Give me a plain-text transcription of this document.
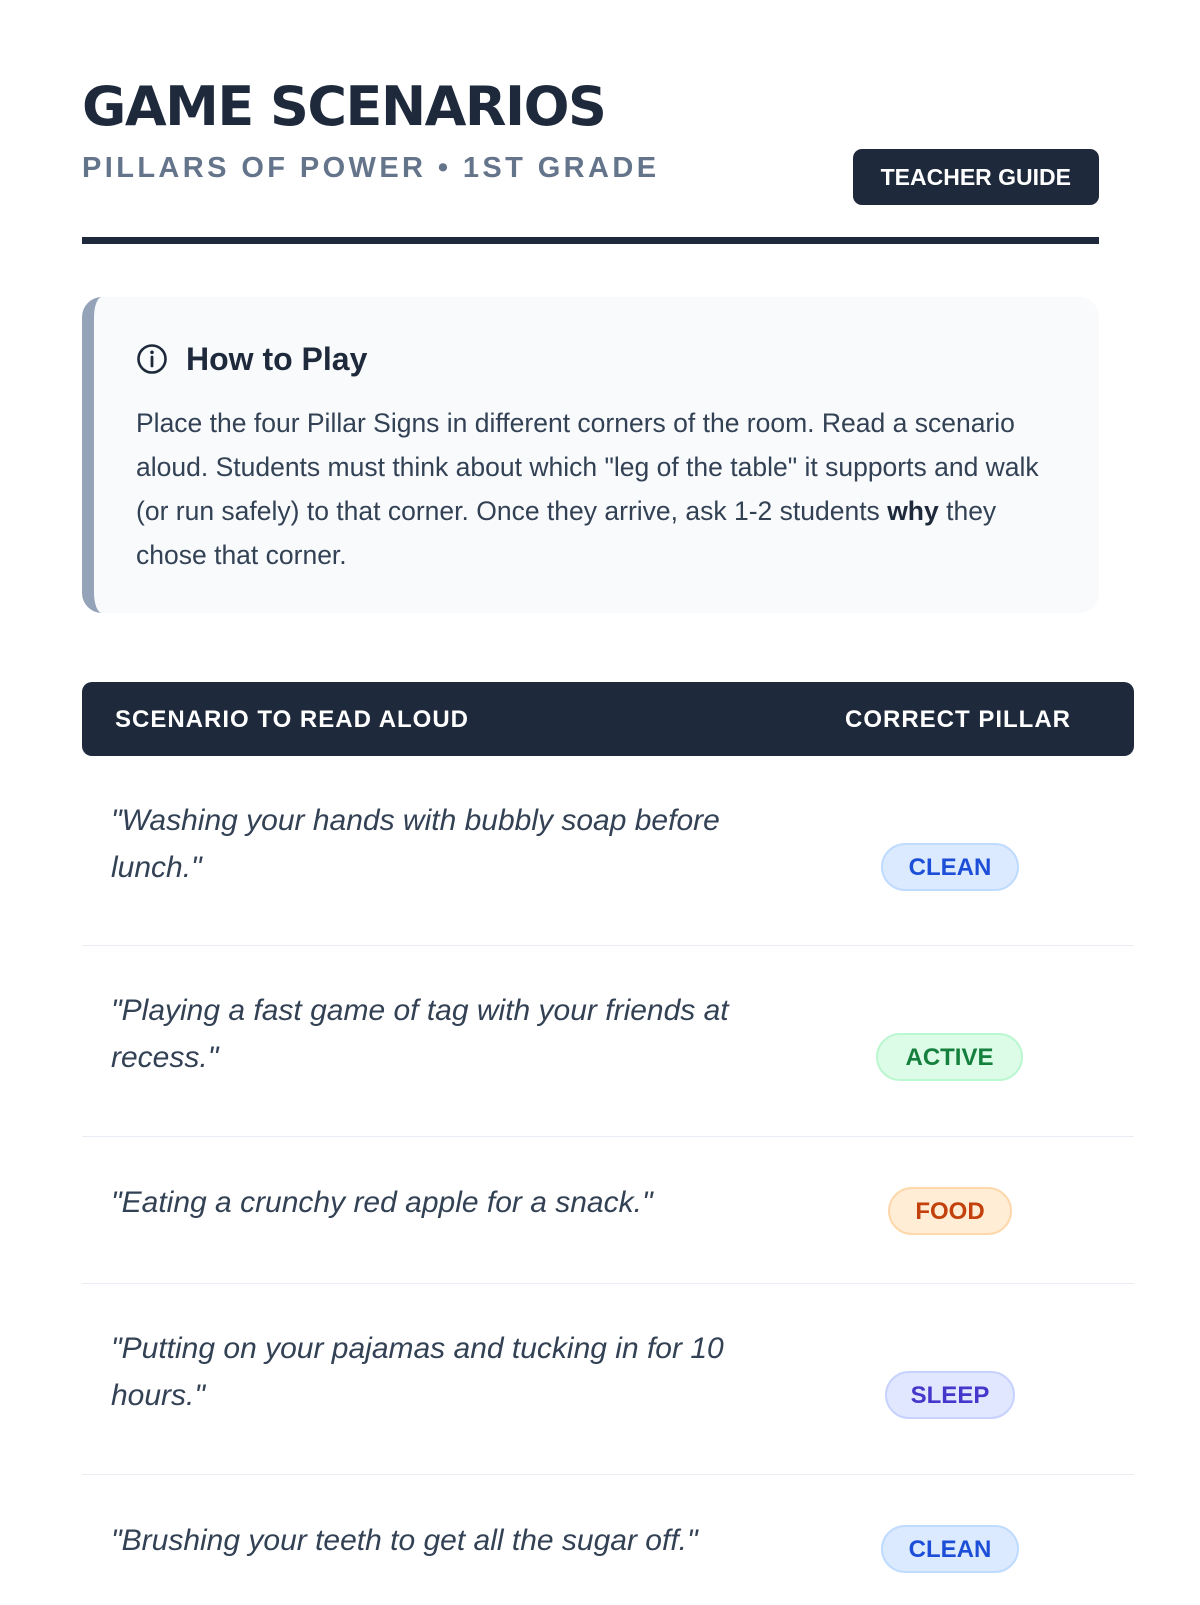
GAME SCENARIOS
PILLARS OF POWER • 1ST GRADE	TEACHER GUIDE
How to Play
Place the four Pillar Signs in different corners of the room. Read a scenario aloud. Students must think about which "leg of the table" it supports and walk (or run safely) to that corner. Once they arrive, ask 1-2 students why they chose that corner.
SCENARIO TO READ ALOUD	CORRECT PILLAR
"Washing your hands with bubbly soap before lunch."	CLEAN
"Playing a fast game of tag with your friends at recess."	ACTIVE
"Eating a crunchy red apple for a snack."	FOOD
"Putting on your pajamas and tucking in for 10 hours."	SLEEP
"Brushing your teeth to get all the sugar off."	CLEAN
